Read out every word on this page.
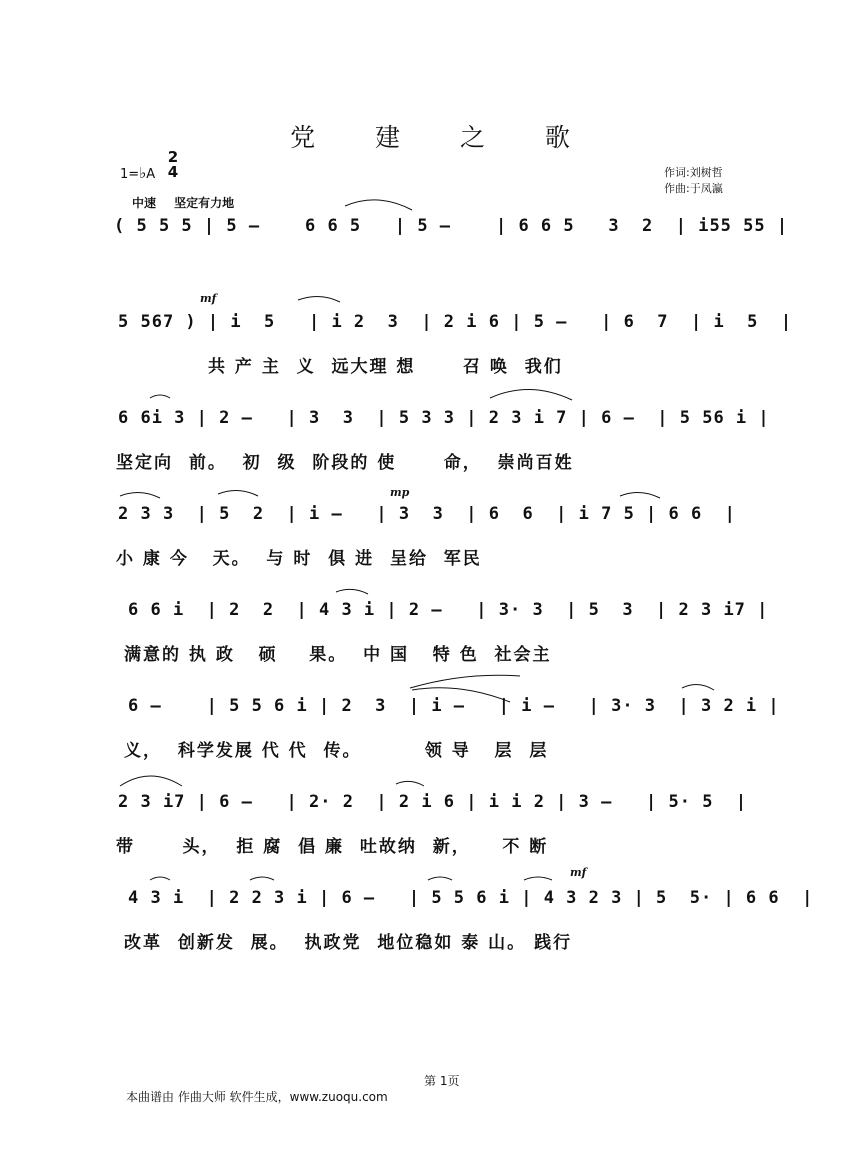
党 建 之 歌
1=♭A
2
4	作词:刘树哲
作曲:于凤瀛
中速 坚定有力地
mf
mp
mf
( 5 5 5 | 5 –    6 6 5   | 5 –    | 6 6 5   3  2  | i55 55 |
5 567 ) | i  5   | i 2  3  | 2 i 6 | 5 –   | 6  7  | i  5  |
共 产 主  义  远大理 想      召 唤  我们
6 6i 3 | 2 –   | 3  3  | 5 3 3 | 2 3 i 7 | 6 –  | 5 56 i |
坚定向  前。  初  级  阶段的 使      命，  崇尚百姓
2 3 3  | 5  2  | i –   | 3  3  | 6  6  | i 7 5 | 6 6  |
小 康 今   天。  与 时  俱 进  呈给  军民
6 6 i  | 2  2  | 4 3 i | 2 –   | 3· 3  | 5  3  | 2 3 i7 |
满意的 执 政   硕    果。  中 国   特 色  社会主
6 –    | 5 5 6 i | 2  3  | i –   | i –   | 3· 3  | 3 2 i |
义，  科学发展 代 代  传。        领 导   层  层
2 3 i7 | 6 –   | 2· 2  | 2 i 6 | i i 2 | 3 –   | 5· 5  |
带      头，  拒 腐  倡 廉  吐故纳  新，    不 断
4 3 i  | 2 2 3 i | 6 –   | 5 5 6 i | 4 3 2 3 | 5  5· | 6 6  |
改革  创新发  展。  执政党  地位稳如 泰 山。 践行
第 1页
本曲谱由 作曲大师 软件生成，www.zuoqu.com
